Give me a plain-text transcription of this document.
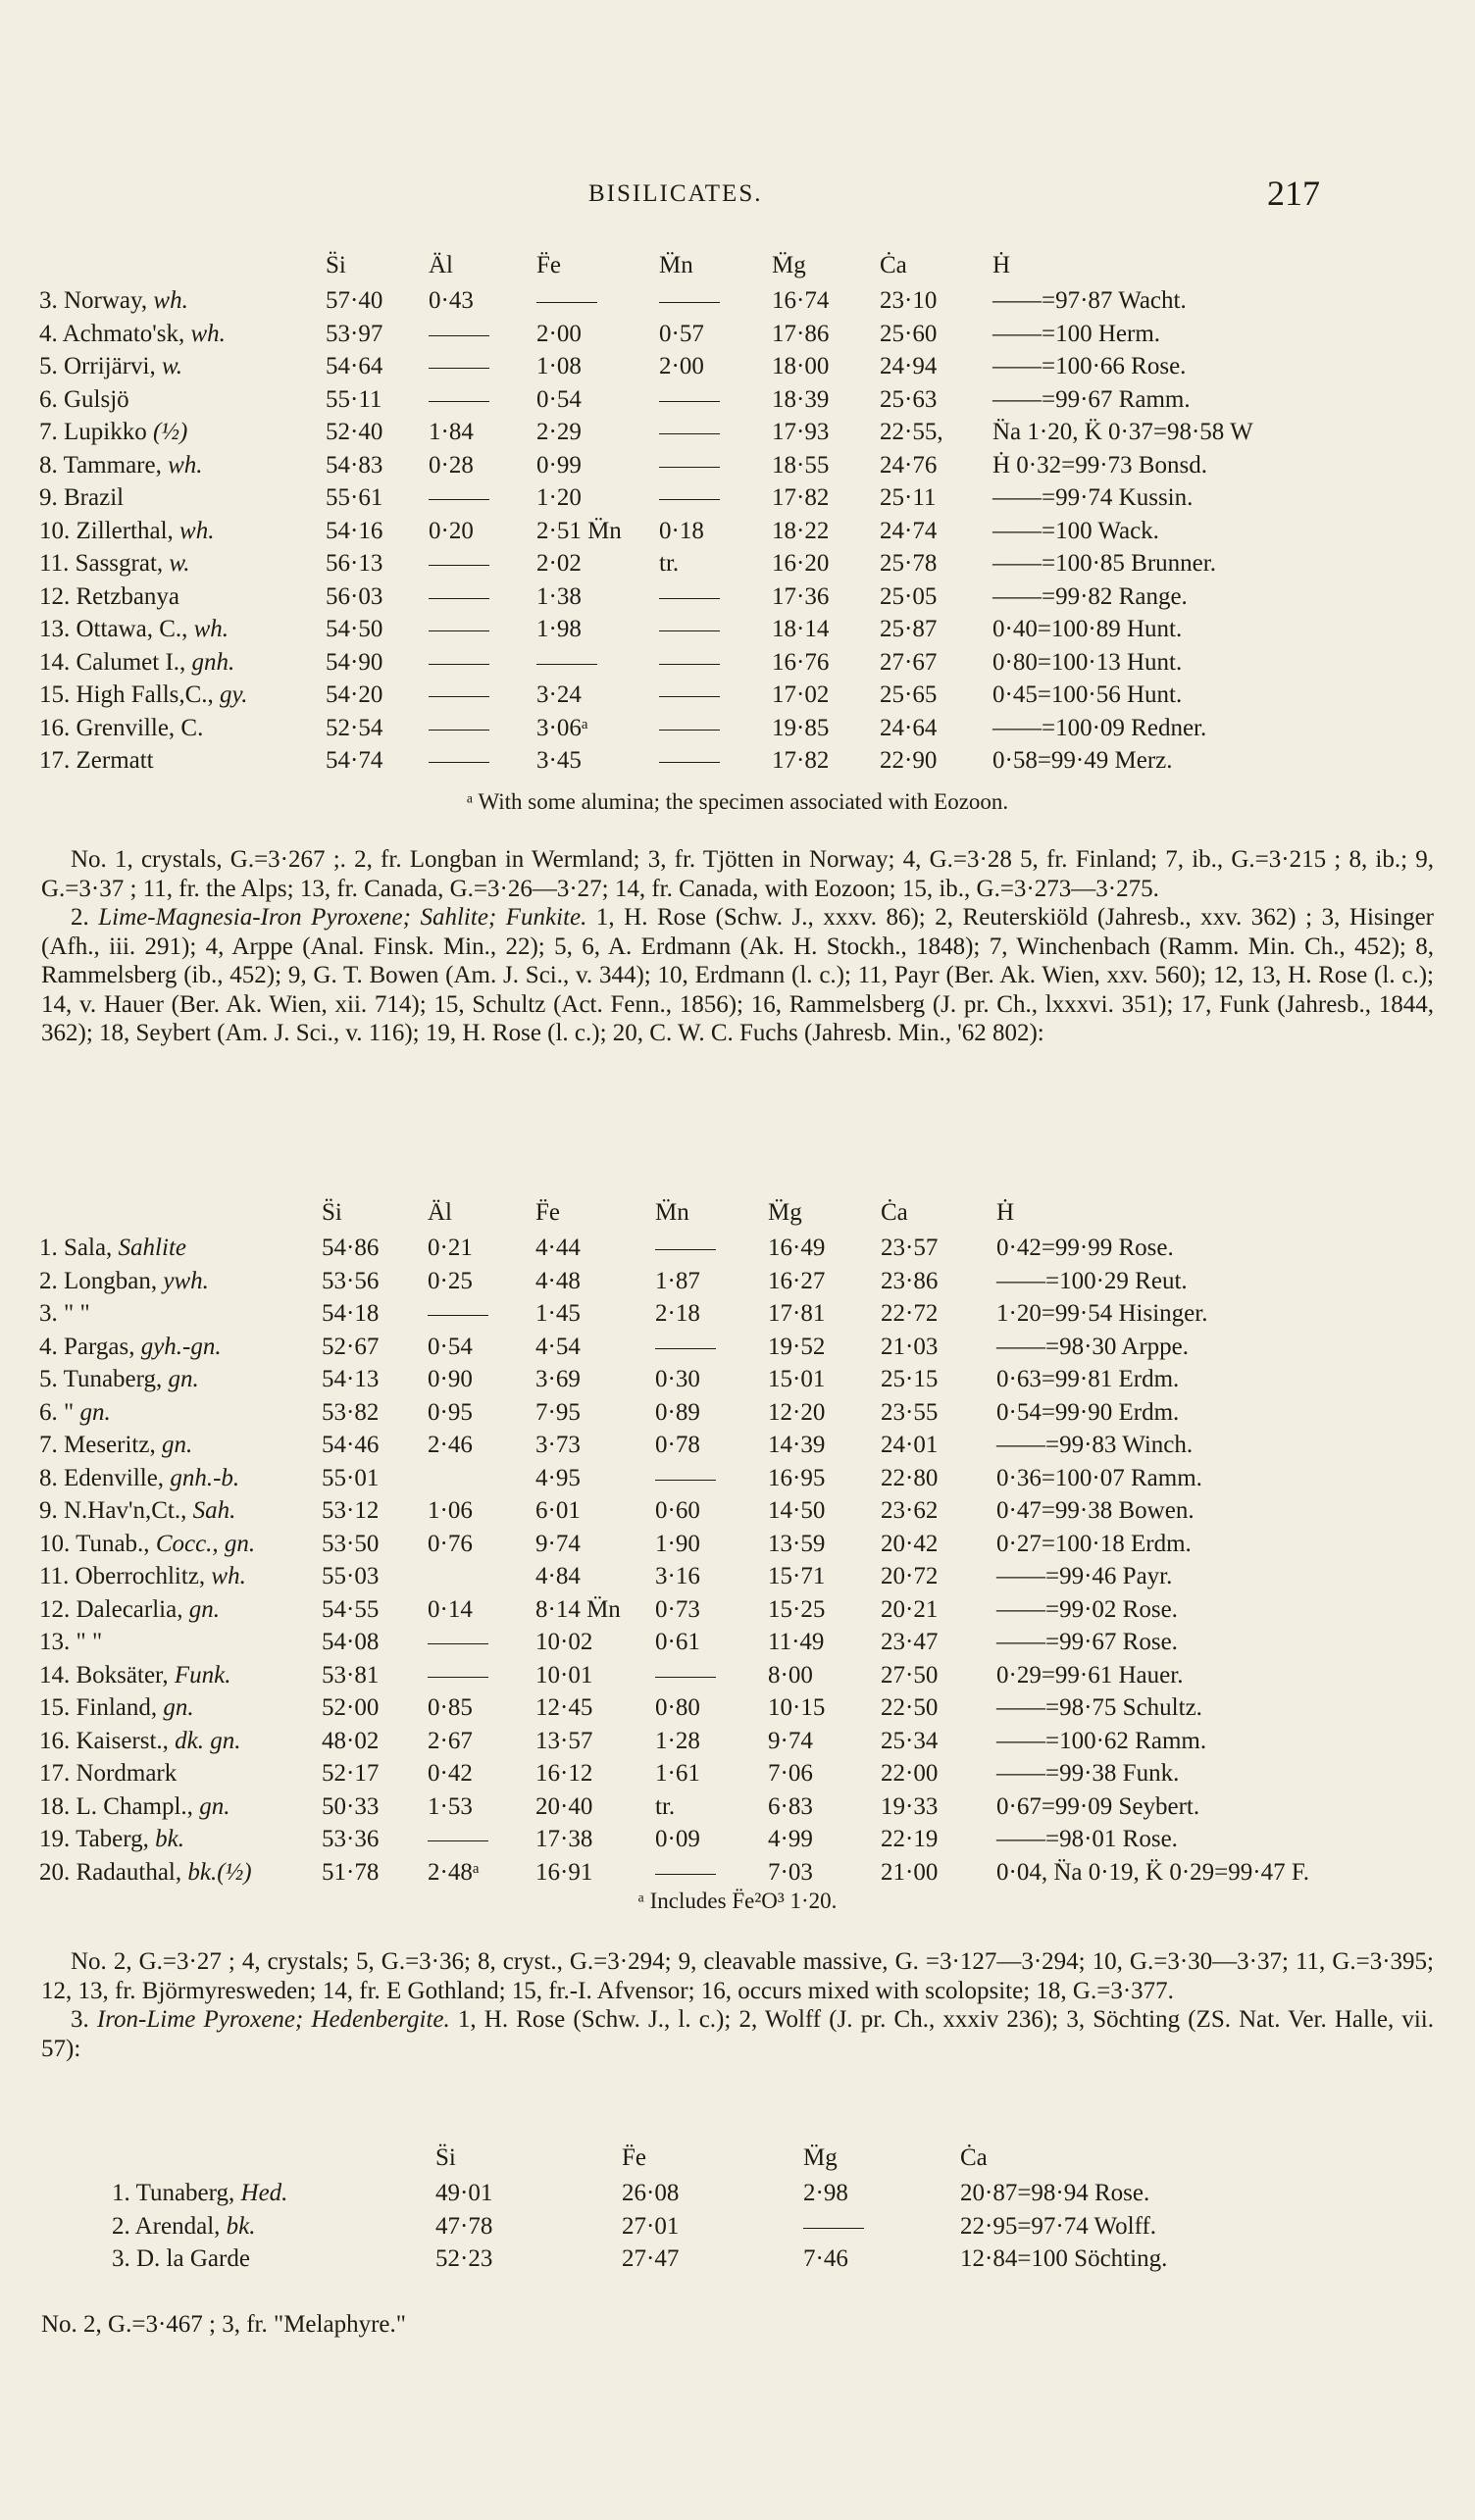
BISILICATES.	217
	S̈i	Äl	F̈e	M̈n	M̈g	Ċa	Ḣ
3. Norway, wh.	57·40	0·43			16·74	23·10	——=97·87 Wacht.
4. Achmato'sk, wh.	53·97		2·00	0·57	17·86	25·60	——=100 Herm.
5. Orrijärvi, w.	54·64		1·08	2·00	18·00	24·94	——=100·66 Rose.
6. Gulsjö	55·11		0·54		18·39	25·63	——=99·67 Ramm.
7. Lupikko (½)	52·40	1·84	2·29		17·93	22·55,	N̈a 1·20, K̈ 0·37=98·58 W
8. Tammare, wh.	54·83	0·28	0·99		18·55	24·76	Ḣ 0·32=99·73 Bonsd.
9. Brazil	55·61		1·20		17·82	25·11	——=99·74 Kussin.
10. Zillerthal, wh.	54·16	0·20	2·51 M̈n	0·18	18·22	24·74	——=100 Wack.
11. Sassgrat, w.	56·13		2·02	tr.	16·20	25·78	——=100·85 Brunner.
12. Retzbanya	56·03		1·38		17·36	25·05	——=99·82 Range.
13. Ottawa, C., wh.	54·50		1·98		18·14	25·87	0·40=100·89 Hunt.
14. Calumet I., gnh.	54·90				16·76	27·67	0·80=100·13 Hunt.
15. High Falls,C., gy.	54·20		3·24		17·02	25·65	0·45=100·56 Hunt.
16. Grenville, C.	52·54		3·06ᵃ		19·85	24·64	——=100·09 Redner.
17. Zermatt	54·74		3·45		17·82	22·90	0·58=99·49 Merz.
ᵃ With some alumina; the specimen associated with Eozoon.

No. 1, crystals, G.=3·267 ;. 2, fr. Longban in Wermland; 3, fr. Tjötten in Norway; 4, G.=3·28 5, fr. Finland; 7, ib., G.=3·215 ; 8, ib.; 9, G.=3·37 ; 11, fr. the Alps; 13, fr. Canada, G.=3·26—3·27; 14, fr. Canada, with Eozoon; 15, ib., G.=3·273—3·275.

2. Lime-Magnesia-Iron Pyroxene; Sahlite; Funkite. 1, H. Rose (Schw. J., xxxv. 86); 2, Reuterskiöld (Jahresb., xxv. 362) ; 3, Hisinger (Afh., iii. 291); 4, Arppe (Anal. Finsk. Min., 22); 5, 6, A. Erdmann (Ak. H. Stockh., 1848); 7, Winchenbach (Ramm. Min. Ch., 452); 8, Rammelsberg (ib., 452); 9, G. T. Bowen (Am. J. Sci., v. 344); 10, Erdmann (l. c.); 11, Payr (Ber. Ak. Wien, xxv. 560); 12, 13, H. Rose (l. c.); 14, v. Hauer (Ber. Ak. Wien, xii. 714); 15, Schultz (Act. Fenn., 1856); 16, Rammelsberg (J. pr. Ch., lxxxvi. 351); 17, Funk (Jahresb., 1844, 362); 18, Seybert (Am. J. Sci., v. 116); 19, H. Rose (l. c.); 20, C. W. C. Fuchs (Jahresb. Min., '62 802):

	S̈i	Äl	F̈e	M̈n	M̈g	Ċa	Ḣ
1. Sala, Sahlite	54·86	0·21	4·44		16·49	23·57	0·42=99·99 Rose.
2. Longban, ywh.	53·56	0·25	4·48	1·87	16·27	23·86	——=100·29 Reut.
3. " "	54·18		1·45	2·18	17·81	22·72	1·20=99·54 Hisinger.
4. Pargas, gyh.-gn.	52·67	0·54	4·54		19·52	21·03	——=98·30 Arppe.
5. Tunaberg, gn.	54·13	0·90	3·69	0·30	15·01	25·15	0·63=99·81 Erdm.
6. " gn.	53·82	0·95	7·95	0·89	12·20	23·55	0·54=99·90 Erdm.
7. Meseritz, gn.	54·46	2·46	3·73	0·78	14·39	24·01	——=99·83 Winch.
8. Edenville, gnh.-b.	55·01		4·95		16·95	22·80	0·36=100·07 Ramm.
9. N.Hav'n,Ct., Sah.	53·12	1·06	6·01	0·60	14·50	23·62	0·47=99·38 Bowen.
10. Tunab., Cocc., gn.	53·50	0·76	9·74	1·90	13·59	20·42	0·27=100·18 Erdm.
11. Oberrochlitz, wh.	55·03		4·84	3·16	15·71	20·72	——=99·46 Payr.
12. Dalecarlia, gn.	54·55	0·14	8·14 M̈n	0·73	15·25	20·21	——=99·02 Rose.
13. " "	54·08		10·02	0·61	11·49	23·47	——=99·67 Rose.
14. Boksäter, Funk.	53·81		10·01		8·00	27·50	0·29=99·61 Hauer.
15. Finland, gn.	52·00	0·85	12·45	0·80	10·15	22·50	——=98·75 Schultz.
16. Kaiserst., dk. gn.	48·02	2·67	13·57	1·28	9·74	25·34	——=100·62 Ramm.
17. Nordmark	52·17	0·42	16·12	1·61	7·06	22·00	——=99·38 Funk.
18. L. Champl., gn.	50·33	1·53	20·40	tr.	6·83	19·33	0·67=99·09 Seybert.
19. Taberg, bk.	53·36		17·38	0·09	4·99	22·19	——=98·01 Rose.
20. Radauthal, bk.(½)	51·78	2·48ᵃ	16·91		7·03	21·00	0·04, N̈a 0·19, K̈ 0·29=99·47 F.
ᵃ Includes F̈e²O³ 1·20.

No. 2, G.=3·27 ; 4, crystals; 5, G.=3·36; 8, cryst., G.=3·294; 9, cleavable massive, G. =3·127—3·294; 10, G.=3·30—3·37; 11, G.=3·395; 12, 13, fr. Björmyresweden; 14, fr. E Gothland; 15, fr.-I. Afvensor; 16, occurs mixed with scolopsite; 18, G.=3·377.

3. Iron-Lime Pyroxene; Hedenbergite. 1, H. Rose (Schw. J., l. c.); 2, Wolff (J. pr. Ch., xxxiv 236); 3, Söchting (ZS. Nat. Ver. Halle, vii. 57):

	S̈i	F̈e	M̈g	Ċa
1. Tunaberg, Hed.	49·01	26·08	2·98	20·87=98·94 Rose.
2. Arendal, bk.	47·78	27·01		22·95=97·74 Wolff.
3. D. la Garde	52·23	27·47	7·46	12·84=100 Söchting.

No. 2, G.=3·467 ; 3, fr. "Melaphyre."
